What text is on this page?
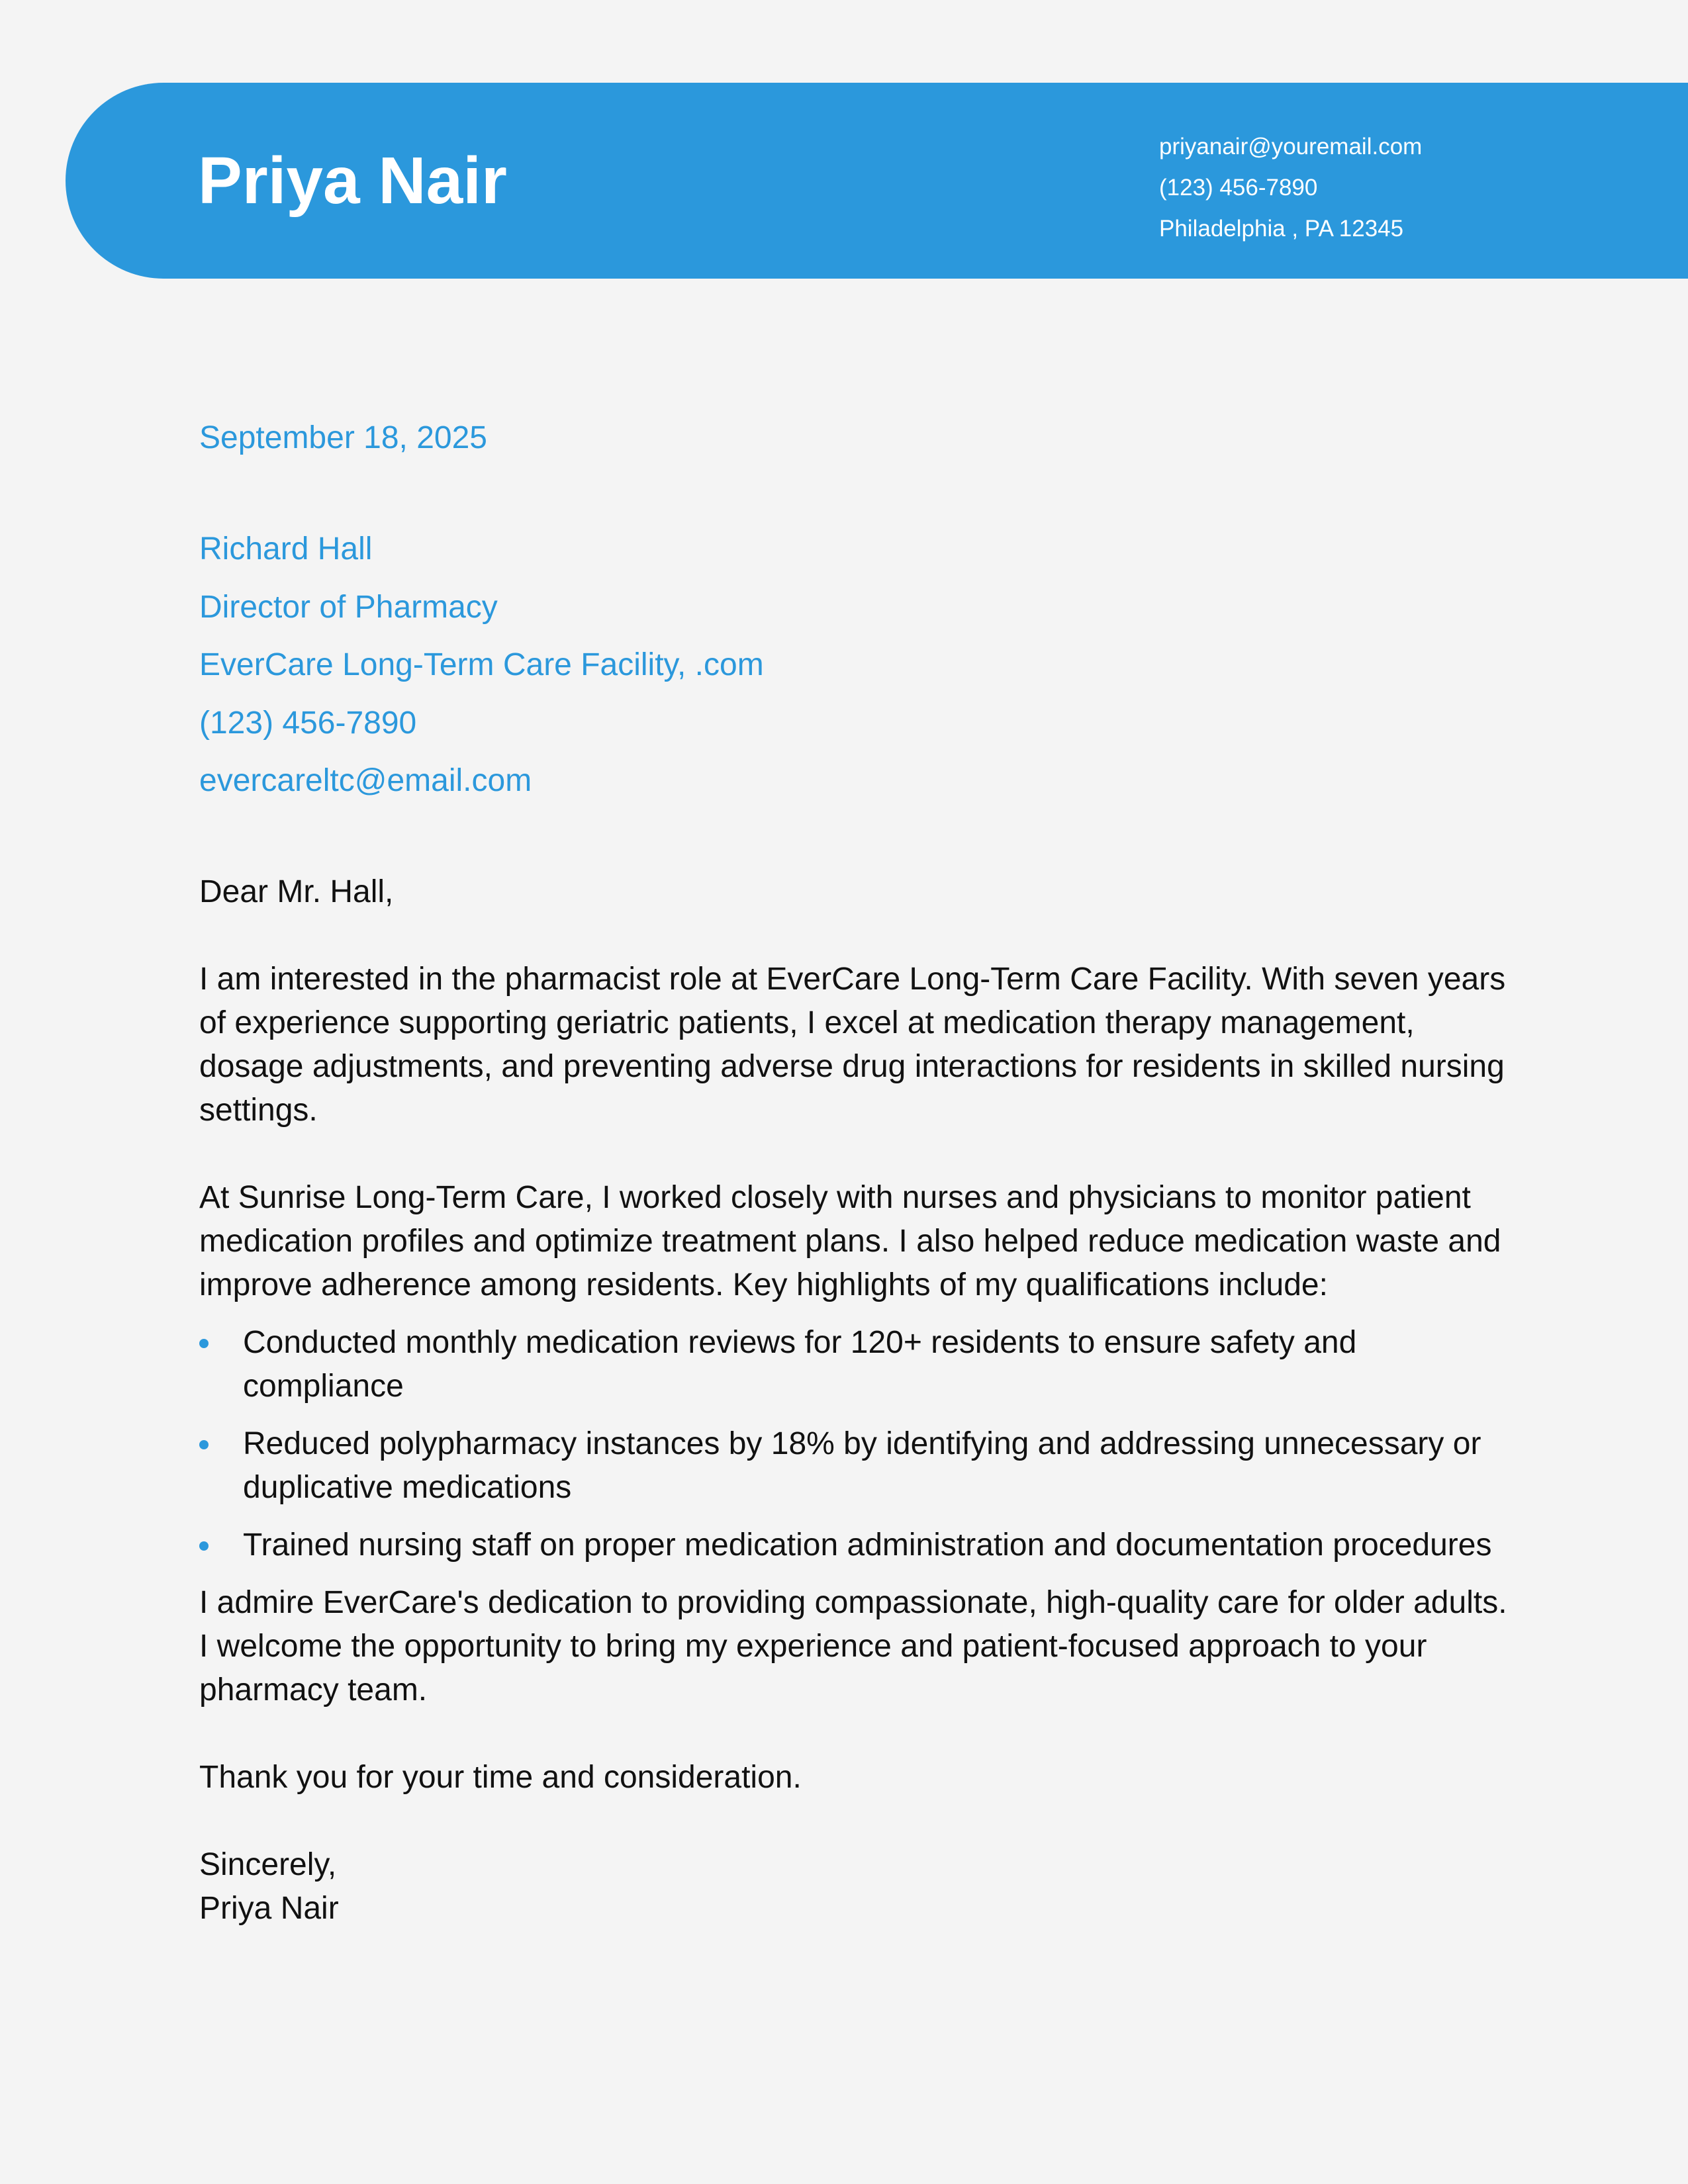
Priya Nair	priyanair@youremail.com
(123) 456-7890
Philadelphia , PA 12345
September 18, 2025
Richard Hall
Director of Pharmacy
EverCare Long-Term Care Facility, .com
(123) 456-7890
evercareltc@email.com

Dear Mr. Hall,

I am interested in the pharmacist role at EverCare Long-Term Care Facility. With seven years of experience supporting geriatric patients, I excel at medication therapy management, dosage adjustments, and preventing adverse drug interactions for residents in skilled nursing settings.

At Sunrise Long-Term Care, I worked closely with nurses and physicians to monitor patient medication profiles and optimize treatment plans. I also helped reduce medication waste and improve adherence among residents. Key highlights of my qualifications include:

Conducted monthly medication reviews for 120+ residents to ensure safety and compliance
Reduced polypharmacy instances by 18% by identifying and addressing unnecessary or duplicative medications
Trained nursing staff on proper medication administration and documentation procedures

I admire EverCare's dedication to providing compassionate, high-quality care for older adults. I welcome the opportunity to bring my experience and patient-focused approach to your pharmacy team.

Thank you for your time and consideration.

Sincerely,

Priya Nair
